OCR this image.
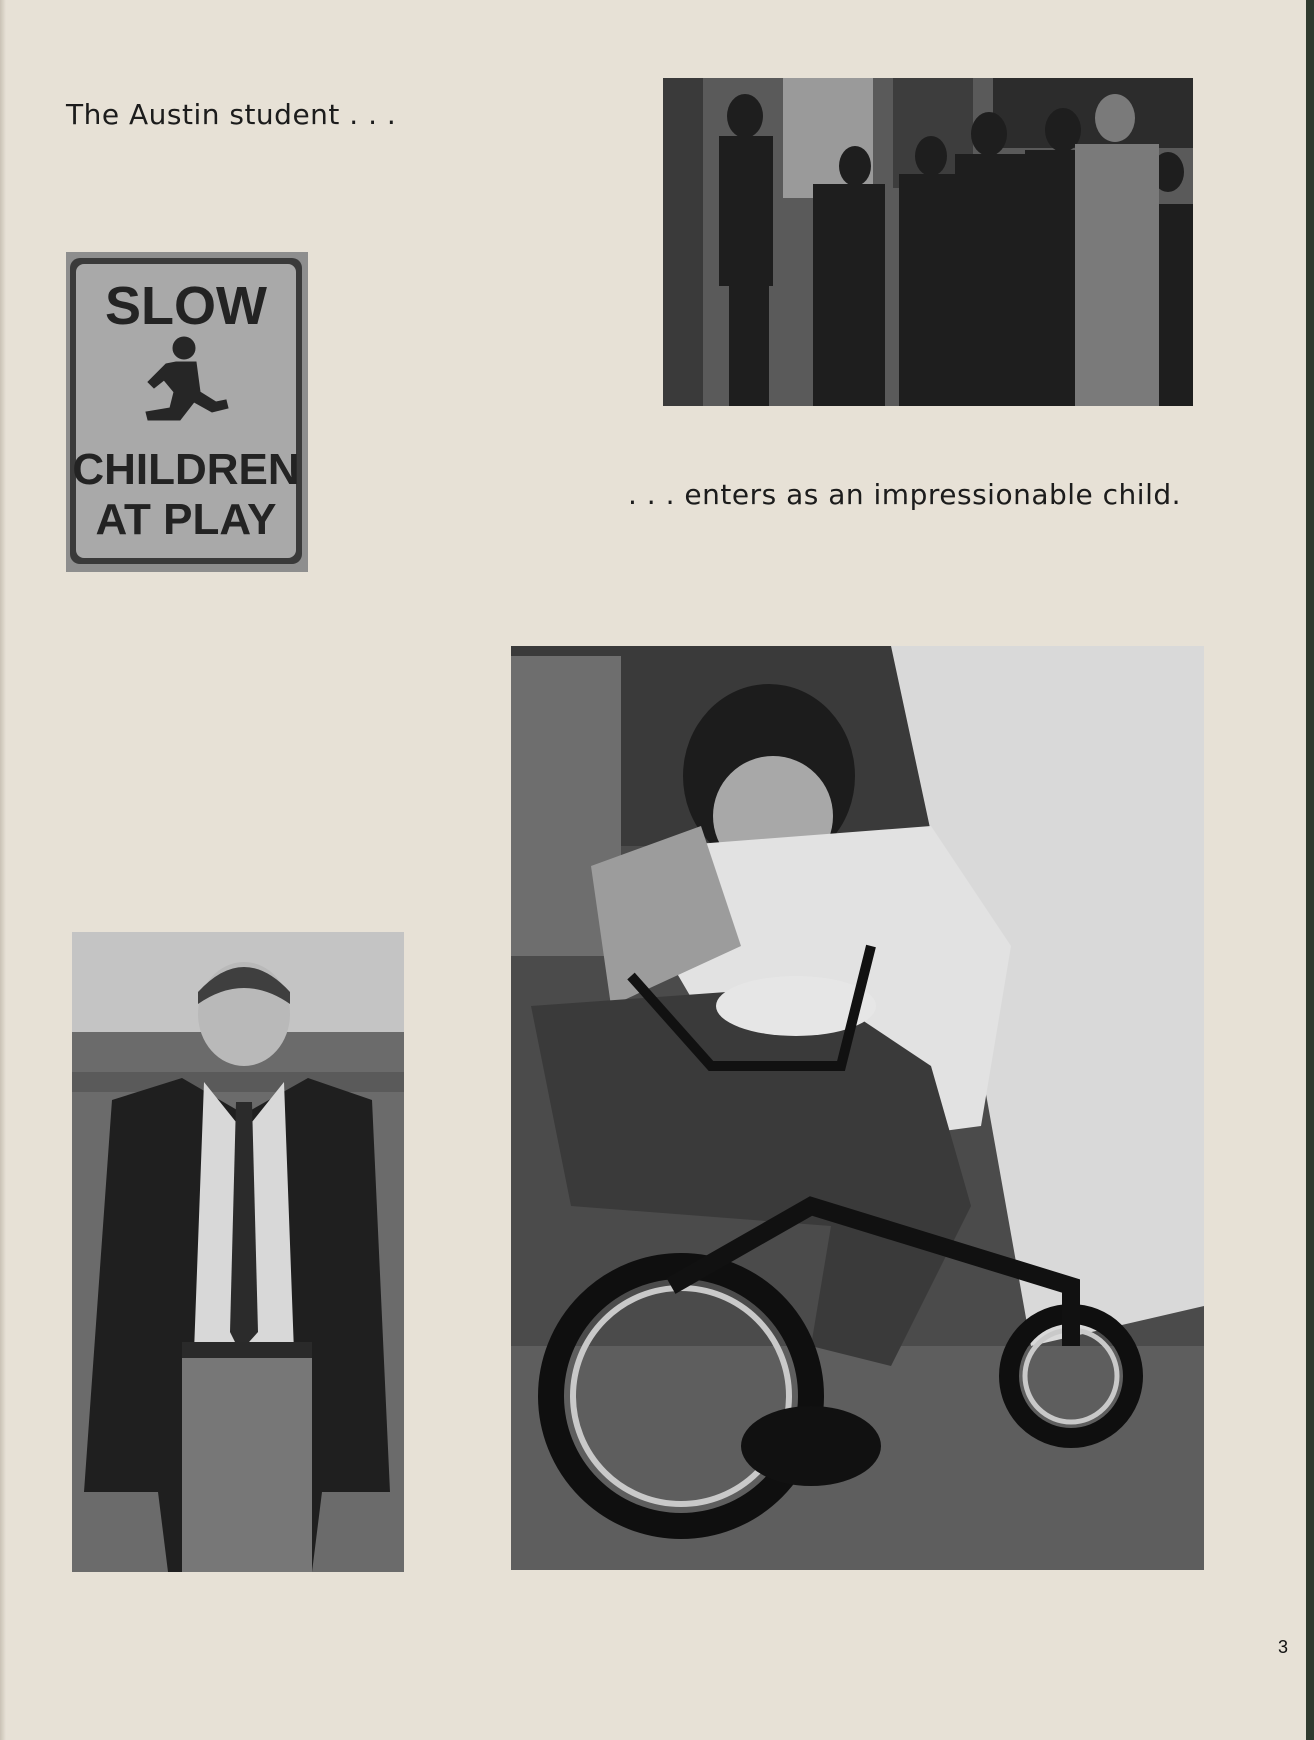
The Austin student . . .
SLOW
CHILDREN
AT PLAY
. . . enters as an impressionable child.
3
